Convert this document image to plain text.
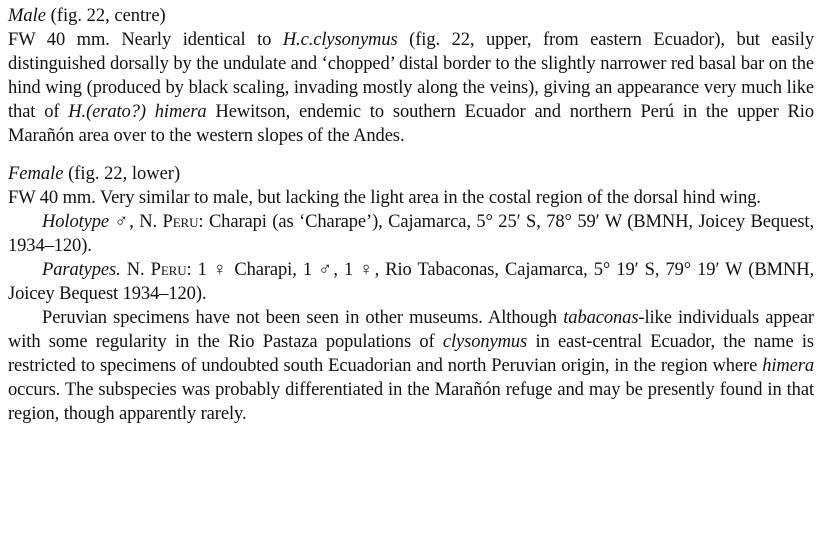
Male (fig. 22, centre)

FW 40 mm. Nearly identical to H.c.clysonymus (fig. 22, upper, from eastern Ecuador), but easily distinguished dorsally by the undulate and ‘chopped’ distal border to the slightly narrower red basal bar on the hind wing (produced by black scaling, invading mostly along the veins), giving an appearance very much like that of H.(erato?) himera Hewitson, endemic to southern Ecuador and northern Perú in the upper Rio Marañón area over to the western slopes of the Andes.

Female (fig. 22, lower)

FW 40 mm. Very similar to male, but lacking the light area in the costal region of the dorsal hind wing.

Holotype ♂, N. Peru: Charapi (as ‘Charape’), Cajamarca, 5° 25′ S, 78° 59′ W (BMNH, Joicey Bequest, 1934–120).

Paratypes. N. Peru: 1 ♀ Charapi, 1 ♂, 1 ♀, Rio Tabaconas, Cajamarca, 5° 19′ S, 79° 19′ W (BMNH, Joicey Bequest 1934–120).

Peruvian specimens have not been seen in other museums. Although tabaconas-like individuals appear with some regularity in the Rio Pastaza populations of clysonymus in east-central Ecuador, the name is restricted to specimens of undoubted south Ecuadorian and north Peruvian origin, in the region where himera occurs. The subspecies was probably differentiated in the Marañón refuge and may be presently found in that region, though apparently rarely.
